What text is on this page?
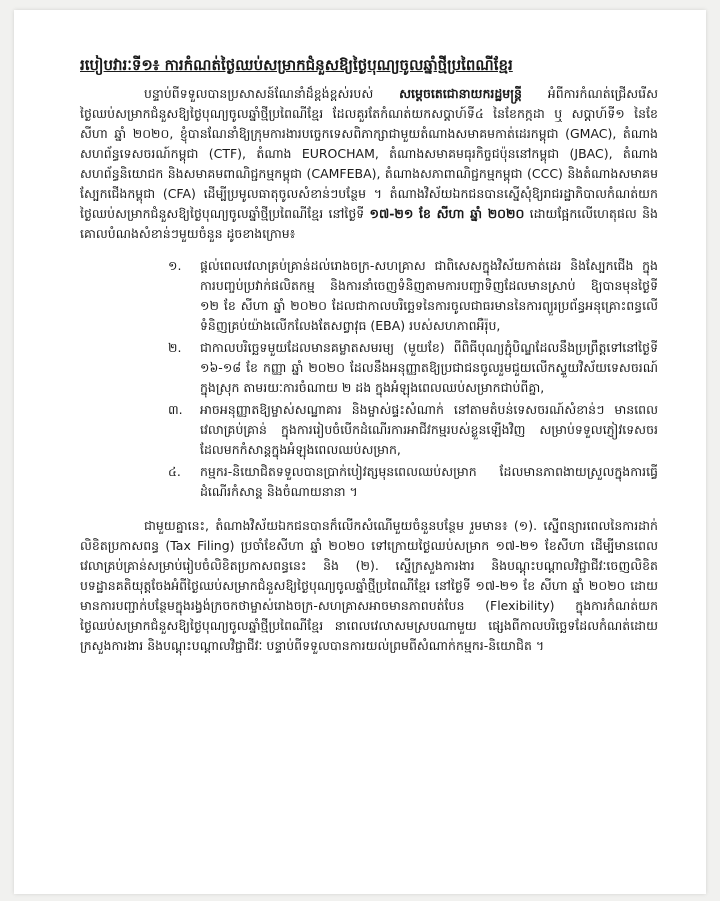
របៀបវារៈទី១៖ ការកំណត់ថ្ងៃឈប់សម្រាកជំនួសឱ្យថ្ងៃបុណ្យចូលឆ្នាំថ្មីប្រពៃណីខ្មែរ

បន្ទាប់ពីទទួលបានប្រសាសន៍ណែនាំដ៏ខ្ពង់ខ្ពស់របស់ សម្តេចតេជោនាយករដ្ឋមន្ត្រី អំពីការកំណត់ជ្រើសរើសថ្ងៃឈប់សម្រាកជំនួសឱ្យថ្ងៃបុណ្យចូលឆ្នាំថ្មីប្រពៃណីខ្មែរ ដែលគួរតែកំណត់យកសប្តាហ៍ទី៤ នៃខែកក្កដា ឬ សប្តាហ៍ទី១ នៃខែសីហា ឆ្នាំ ២០២០, ខ្ញុំបានណែនាំឱ្យក្រុមការងារបច្ចេកទេសពិភាក្សាជាមួយតំណាងសមាគមកាត់ដេរកម្ពុជា (GMAC), តំណាងសហព័ន្ធទេសចរណ៍កម្ពុជា (CTF), តំណាង EUROCHAM, តំណាងសមាគមធុរកិច្ចជប៉ុននៅកម្ពុជា (JBAC), តំណាងសហព័ន្ធនិយោជក និងសមាគមពាណិជ្ជកម្មកម្ពុជា (CAMFEBA), តំណាងសភាពាណិជ្ជកម្មកម្ពុជា (CCC) និងតំណាងសមាគមស្បែកជើងកម្ពុជា (CFA) ដើម្បីប្រមូលធាតុចូលសំខាន់ៗបន្ថែម ។ តំណាងវិស័យឯកជនបានស្នើសុំឱ្យរាជរដ្ឋាភិបាលកំណត់យកថ្ងៃឈប់សម្រាកជំនួសឱ្យថ្ងៃបុណ្យចូលឆ្នាំថ្មីប្រពៃណីខ្មែរ នៅថ្ងៃទី ១៧-២១ ខែ សីហា ឆ្នាំ ២០២០ ដោយផ្អែកលើហេតុផល និងគោលបំណងសំខាន់ៗមួយចំនួន ដូចខាងក្រោម៖

១.	ផ្តល់ពេលវេលាគ្រប់គ្រាន់ដល់រោងចក្រ-សហគ្រាស ជាពិសេសក្នុងវិស័យកាត់ដេរ និងស្បែកជើង ក្នុងការបញ្ចប់ប្រវាក់ផលិតកម្ម និងការនាំចេញទំនិញតាមការបញ្ជាទិញដែលមានស្រាប់ ឱ្យបានមុនថ្ងៃទី ១២ ខែ សីហា ឆ្នាំ ២០២០ ដែលជាកាលបរិច្ឆេទនៃការចូលជាធរមាននៃការព្យួរប្រព័ន្ធអនុគ្រោះពន្ធលើទំនិញគ្រប់យ៉ាងលើកលែងតែសព្វាវុធ (EBA) របស់សហភាពអឺរ៉ុប,
២.	ជាកាលបរិច្ឆេទមួយដែលមានគម្លាតសមរម្យ (មួយខែ) ពីពិធីបុណ្យភ្ជុំបិណ្ឌដែលនឹងប្រព្រឹត្តទៅនៅថ្ងៃទី ១៦-១៨ ខែ កញ្ញា ឆ្នាំ ២០២០ ដែលនឹងអនុញ្ញាតឱ្យប្រជាជនចូលរួមជួយលើកស្ទួយវិស័យទេសចរណ៍ក្នុងស្រុក តាមរយៈការចំណាយ ២ ដង ក្នុងអំឡុងពេលឈប់សម្រាកជាប់ពីគ្នា,
៣.	អាចអនុញ្ញាតឱ្យម្ចាស់សណ្ឋាគារ និងម្ចាស់ផ្ទះសំណាក់ នៅតាមតំបន់ទេសចរណ៍សំខាន់ៗ មានពេលវេលាគ្រប់គ្រាន់ ក្នុងការរៀបចំបើកដំណើរការអាជីវកម្មរបស់ខ្លួនឡើងវិញ សម្រាប់ទទួលភ្ញៀវទេសចរដែលមកកំសាន្តក្នុងអំឡុងពេលឈប់សម្រាក,
៤.	កម្មករ-និយោជិតទទួលបានប្រាក់បៀវត្សមុនពេលឈប់សម្រាក ដែលមានភាពងាយស្រួលក្នុងការធ្វើដំណើរកំសាន្ត និងចំណាយនានា ។

ជាមួយគ្នានេះ, តំណាងវិស័យឯកជនបានក៏លើកសំណើមួយចំនួនបន្ថែម រួមមាន៖ (១). ស្នើពន្យារពេលនៃការដាក់លិខិតប្រកាសពន្ធ (Tax Filing) ប្រចាំខែសីហា ឆ្នាំ ២០២០ ទៅក្រោយថ្ងៃឈប់សម្រាក ១៧-២១ ខែសីហា ដើម្បីមានពេលវេលាគ្រប់គ្រាន់សម្រាប់រៀបចំលិខិតប្រកាសពន្ធនេះ និង (២). ស្នើក្រសួងការងារ និងបណ្តុះបណ្តាលវិជ្ជាជីវៈចេញលិខិតបទដ្ឋានគតិយុត្តចែងអំពីថ្ងៃឈប់សម្រាកជំនួសឱ្យថ្ងៃបុណ្យចូលឆ្នាំថ្មីប្រពៃណីខ្មែរ នៅថ្ងៃទី ១៧-២១ ខែ សីហា ឆ្នាំ ២០២០ ដោយមានការបញ្ជាក់បន្ថែមក្នុងរង្វង់ក្រចកថាម្ចាស់រោងចក្រ-សហគ្រាសអាចមានភាពបត់បែន (Flexibility) ក្នុងការកំណត់យកថ្ងៃឈប់សម្រាកជំនួសឱ្យថ្ងៃបុណ្យចូលឆ្នាំថ្មីប្រពៃណីខ្មែរ នាពេលវេលាសមស្របណាមួយ ផ្សេងពីកាលបរិច្ឆេទដែលកំណត់ដោយក្រសួងការងារ និងបណ្តុះបណ្តាលវិជ្ជាជីវៈ បន្ទាប់ពីទទួលបានការយល់ព្រមពីសំណាក់កម្មករ-និយោជិត ។
